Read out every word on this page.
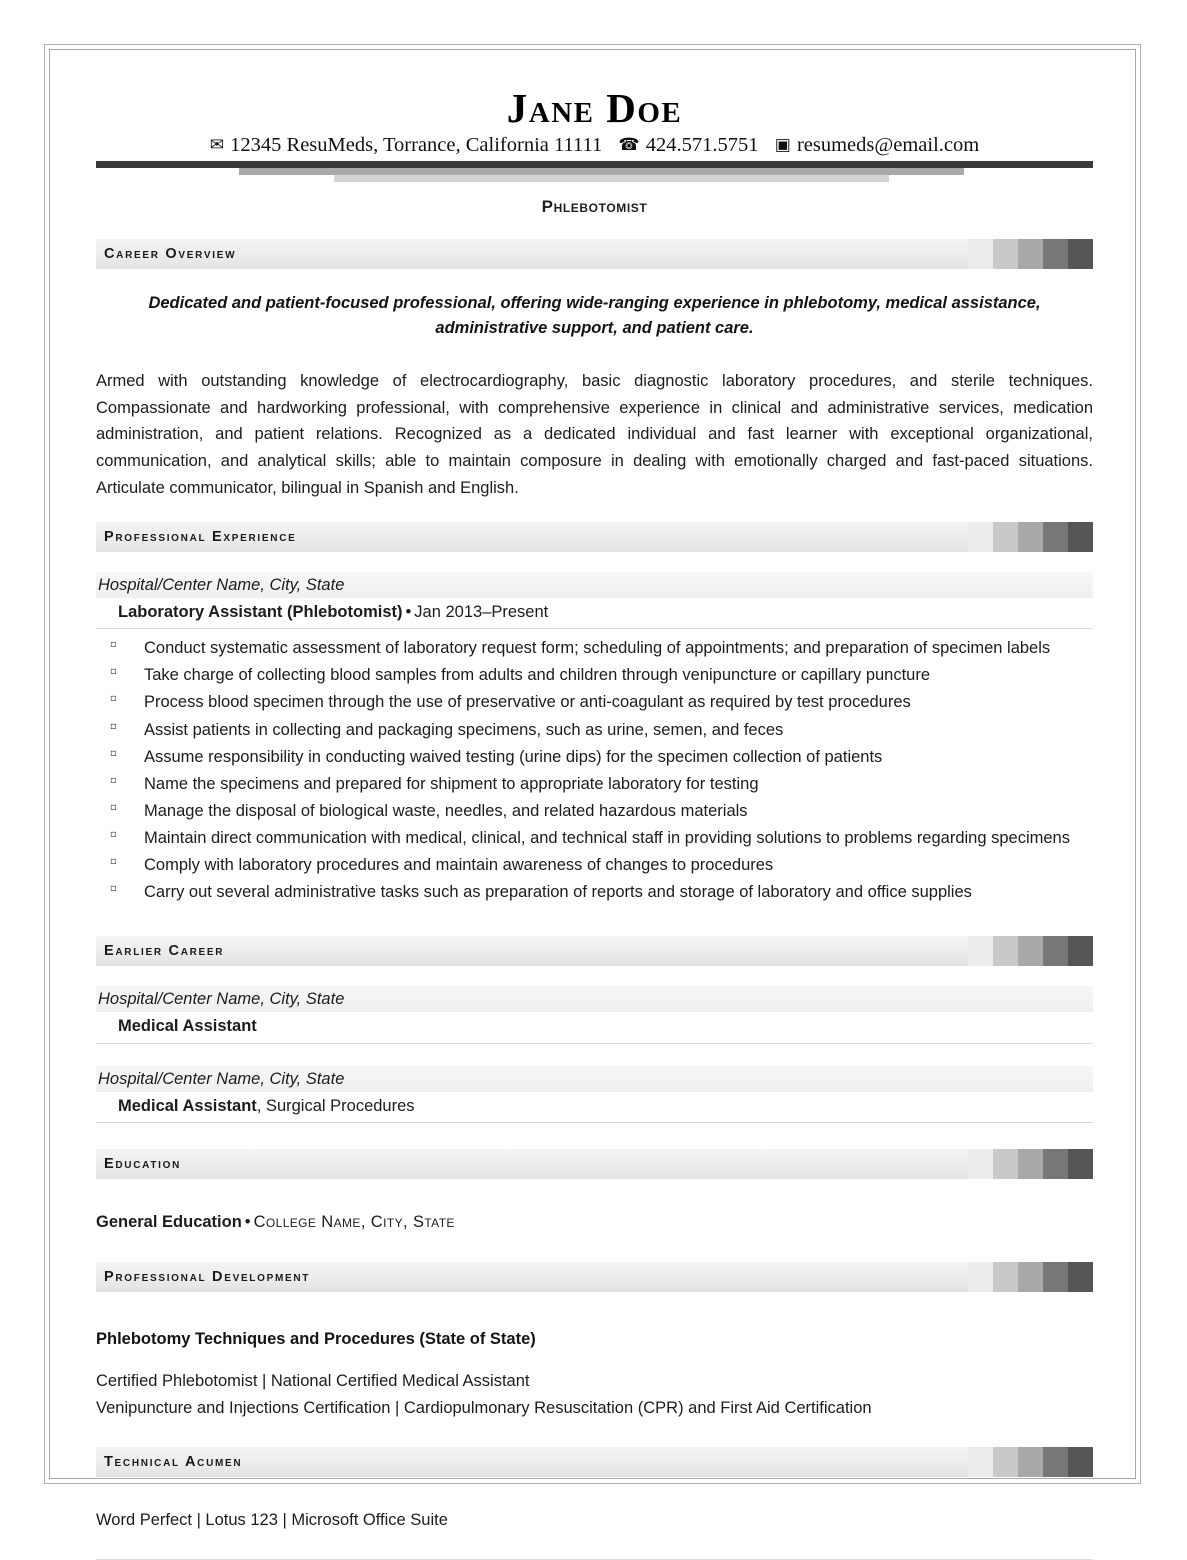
Jane Doe
✉ 12345 ResuMeds, Torrance, California 11111 ☎ 424.571.5751 ▣ resumeds@email.com
Phlebotomist
Career Overview
Dedicated and patient-focused professional, offering wide-ranging experience in phlebotomy, medical assistance, administrative support, and patient care.
Armed with outstanding knowledge of electrocardiography, basic diagnostic laboratory procedures, and sterile techniques. Compassionate and hardworking professional, with comprehensive experience in clinical and administrative services, medication administration, and patient relations. Recognized as a dedicated individual and fast learner with exceptional organizational, communication, and analytical skills; able to maintain composure in dealing with emotionally charged and fast-paced situations. Articulate communicator, bilingual in Spanish and English.
Professional Experience
Hospital/Center Name, City, State
Laboratory Assistant (Phlebotomist) • Jan 2013–Present
▫ Conduct systematic assessment of laboratory request form; scheduling of appointments; and preparation of specimen labels
▫ Take charge of collecting blood samples from adults and children through venipuncture or capillary puncture
▫ Process blood specimen through the use of preservative or anti-coagulant as required by test procedures
▫ Assist patients in collecting and packaging specimens, such as urine, semen, and feces
▫ Assume responsibility in conducting waived testing (urine dips) for the specimen collection of patients
▫ Name the specimens and prepared for shipment to appropriate laboratory for testing
▫ Manage the disposal of biological waste, needles, and related hazardous materials
▫ Maintain direct communication with medical, clinical, and technical staff in providing solutions to problems regarding specimens
▫ Comply with laboratory procedures and maintain awareness of changes to procedures
▫ Carry out several administrative tasks such as preparation of reports and storage of laboratory and office supplies
Earlier Career
Hospital/Center Name, City, State
Medical Assistant
Hospital/Center Name, City, State
Medical Assistant, Surgical Procedures
Education
General Education • College Name, City, State
Professional Development
Phlebotomy Techniques and Procedures (State of State)
Certified Phlebotomist | National Certified Medical Assistant
Venipuncture and Injections Certification | Cardiopulmonary Resuscitation (CPR) and First Aid Certification
Technical Acumen
Word Perfect | Lotus 123 | Microsoft Office Suite
